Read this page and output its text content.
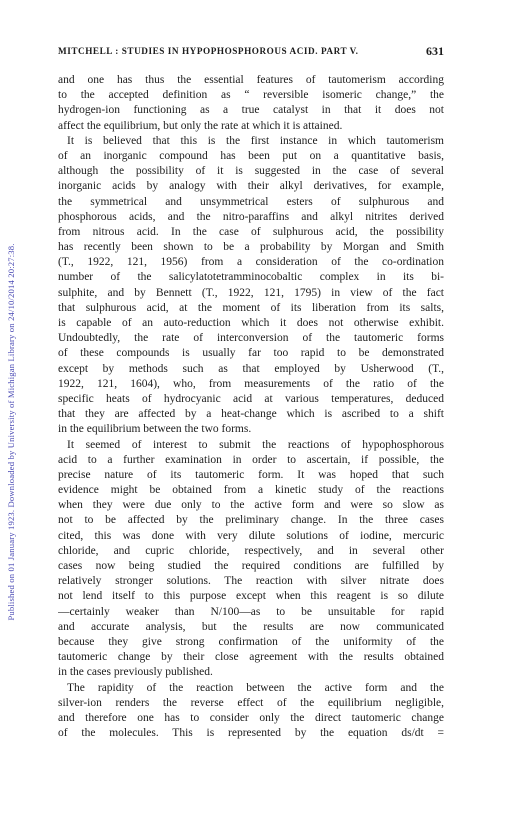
Published on 01 January 1923. Downloaded by University of Michigan Library on 24/10/2014 20:27:38.
MITCHELL : STUDIES IN HYPOPHOSPHOROUS ACID. PART V.	631
and one has thus the essential features of tautomerism according
to the accepted definition as “ reversible isomeric change,” the
hydrogen-ion functioning as a true catalyst in that it does not
affect the equilibrium, but only the rate at which it is attained.
It is believed that this is the first instance in which tautomerism
of an inorganic compound has been put on a quantitative basis,
although the possibility of it is suggested in the case of several
inorganic acids by analogy with their alkyl derivatives, for example,
the symmetrical and unsymmetrical esters of sulphurous and
phosphorous acids, and the nitro-paraffins and alkyl nitrites derived
from nitrous acid. In the case of sulphurous acid, the possibility
has recently been shown to be a probability by Morgan and Smith
(T., 1922, 121, 1956) from a consideration of the co-ordination
number of the salicylatotetramminocobaltic complex in its bi-
sulphite, and by Bennett (T., 1922, 121, 1795) in view of the fact
that sulphurous acid, at the moment of its liberation from its salts,
is capable of an auto-reduction which it does not otherwise exhibit.
Undoubtedly, the rate of interconversion of the tautomeric forms
of these compounds is usually far too rapid to be demonstrated
except by methods such as that employed by Usherwood (T.,
1922, 121, 1604), who, from measurements of the ratio of the
specific heats of hydrocyanic acid at various temperatures, deduced
that they are affected by a heat-change which is ascribed to a shift
in the equilibrium between the two forms.
It seemed of interest to submit the reactions of hypophosphorous
acid to a further examination in order to ascertain, if possible, the
precise nature of its tautomeric form. It was hoped that such
evidence might be obtained from a kinetic study of the reactions
when they were due only to the active form and were so slow as
not to be affected by the preliminary change. In the three cases
cited, this was done with very dilute solutions of iodine, mercuric
chloride, and cupric chloride, respectively, and in several other
cases now being studied the required conditions are fulfilled by
relatively stronger solutions. The reaction with silver nitrate does
not lend itself to this purpose except when this reagent is so dilute
—certainly weaker than N/100—as to be unsuitable for rapid
and accurate analysis, but the results are now communicated
because they give strong confirmation of the uniformity of the
tautomeric change by their close agreement with the results obtained
in the cases previously published.
The rapidity of the reaction between the active form and the
silver-ion renders the reverse effect of the equilibrium negligible,
and therefore one has to consider only the direct tautomeric change
of the molecules. This is represented by the equation ds/dt =
